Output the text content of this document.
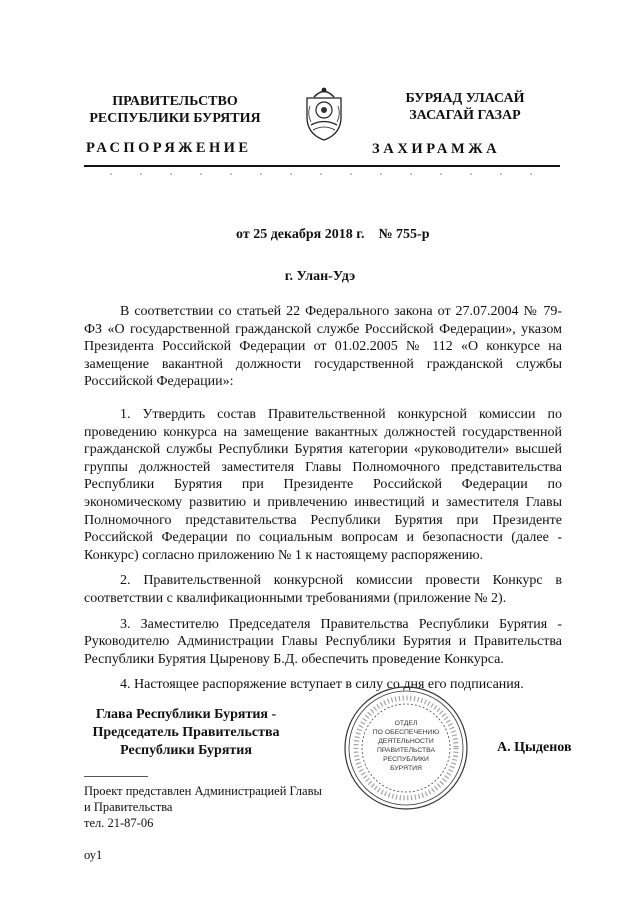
ПРАВИТЕЛЬСТВО
РЕСПУБЛИКИ БУРЯТИЯ
БУРЯАД УЛАСАЙ
ЗАСАГАЙ ГАЗАР
РАСПОРЯЖЕНИЕ	ЗАХИРАМЖА
от 25 декабря 2018 г. № 755-р
г. Улан-Удэ

В соответствии со статьей 22 Федерального закона от 27.07.2004 № 79-ФЗ «О государственной гражданской службе Российской Федерации», указом Президента Российской Федерации от 01.02.2005 № 112 «О конкурсе на замещение вакантной должности государственной гражданской службы Российской Федерации»:

1. Утвердить состав Правительственной конкурсной комиссии по проведению конкурса на замещение вакантных должностей государственной гражданской службы Республики Бурятия категории «руководители» высшей группы должностей заместителя Главы Полномочного представительства Республики Бурятия при Президенте Российской Федерации по экономическому развитию и привлечению инвестиций и заместителя Главы Полномочного представительства Республики Бурятия при Президенте Российской Федерации по социальным вопросам и безопасности (далее - Конкурс) согласно приложению № 1 к настоящему распоряжению.

2. Правительственной конкурсной комиссии провести Конкурс в соответствии с квалификационными требованиями (приложение № 2).

3. Заместителю Председателя Правительства Республики Бурятия - Руководителю Администрации Главы Республики Бурятия и Правительства Республики Бурятия Цыренову Б.Д. обеспечить проведение Конкурса.

4. Настоящее распоряжение вступает в силу со дня его подписания.

Глава Республики Бурятия -
Председатель Правительства
Республики Бурятия
ОТДЕЛ
ПО ОБЕСПЕЧЕНИЮ
ДЕЯТЕЛЬНОСТИ
ПРАВИТЕЛЬСТВА
РЕСПУБЛИКИ
БУРЯТИЯ
А. Цыденов
Проект представлен Администрацией Главы
и Правительства
тел. 21-87-06
оу1
